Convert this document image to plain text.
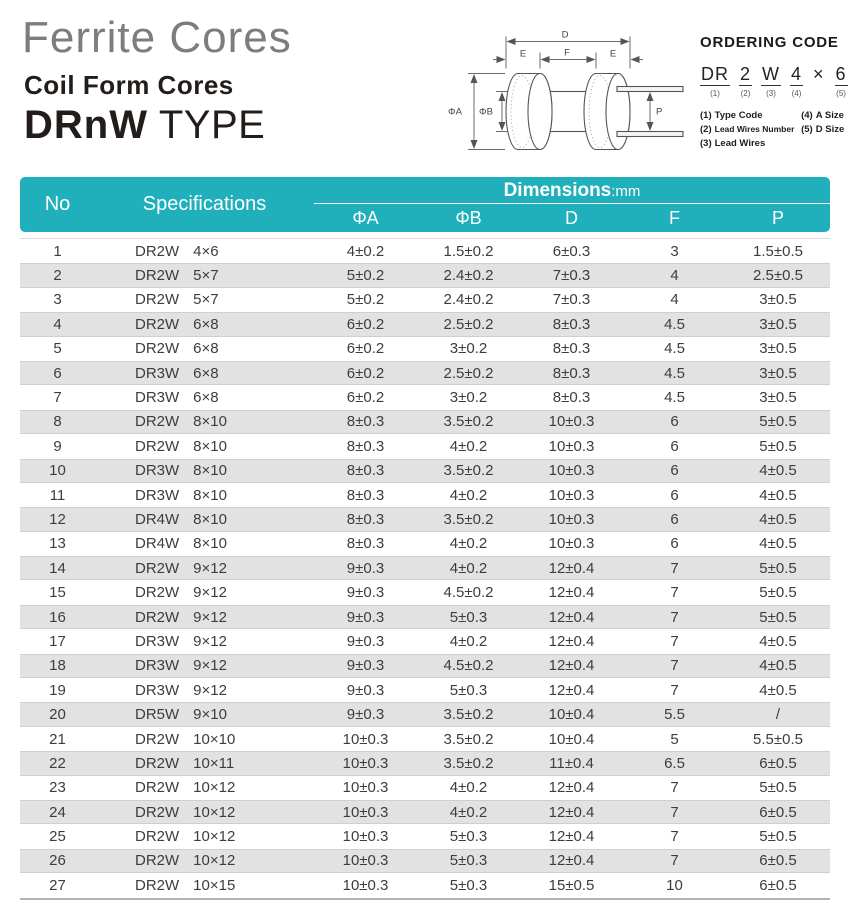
Ferrite Cores
Coil Form Cores
DRnW TYPE
D
F
E	E
ΦA ΦB	P
ORDERING CODE
DR
(1)
2
(2)
W
(3)
4
(4)
× 6
(5)
(1) Type Code	(4) A Size
(2) Lead Wires Number (5) D Size
(3) Lead Wires
No	Specifications
Dimensions :mm
ΦA	ΦB	D	F	P
1	DR2W 4×6	4±0.2	1.5±0.2	6±0.3	3	1.5±0.5
2	DR2W 5×7	5±0.2	2.4±0.2	7±0.3	4	2.5±0.5
3	DR2W 5×7	5±0.2	2.4±0.2	7±0.3	4	3±0.5
4	DR2W 6×8	6±0.2	2.5±0.2	8±0.3	4.5	3±0.5
5	DR2W 6×8	6±0.2	3±0.2	8±0.3	4.5	3±0.5
6	DR3W 6×8	6±0.2	2.5±0.2	8±0.3	4.5	3±0.5
7	DR3W 6×8	6±0.2	3±0.2	8±0.3	4.5	3±0.5
8	DR2W 8×10	8±0.3	3.5±0.2	10±0.3	6	5±0.5
9	DR2W 8×10	8±0.3	4±0.2	10±0.3	6	5±0.5
10	DR3W 8×10	8±0.3	3.5±0.2	10±0.3	6	4±0.5
11	DR3W 8×10	8±0.3	4±0.2	10±0.3	6	4±0.5
12	DR4W 8×10	8±0.3	3.5±0.2	10±0.3	6	4±0.5
13	DR4W 8×10	8±0.3	4±0.2	10±0.3	6	4±0.5
14	DR2W 9×12	9±0.3	4±0.2	12±0.4	7	5±0.5
15	DR2W 9×12	9±0.3	4.5±0.2	12±0.4	7	5±0.5
16	DR2W 9×12	9±0.3	5±0.3	12±0.4	7	5±0.5
17	DR3W 9×12	9±0.3	4±0.2	12±0.4	7	4±0.5
18	DR3W 9×12	9±0.3	4.5±0.2	12±0.4	7	4±0.5
19	DR3W 9×12	9±0.3	5±0.3	12±0.4	7	4±0.5
20	DR5W 9×10	9±0.3	3.5±0.2	10±0.4	5.5	/
21	DR2W 10×10	10±0.3	3.5±0.2	10±0.4	5	5.5±0.5
22	DR2W 10×11	10±0.3	3.5±0.2	11±0.4	6.5	6±0.5
23	DR2W 10×12	10±0.3	4±0.2	12±0.4	7	5±0.5
24	DR2W 10×12	10±0.3	4±0.2	12±0.4	7	6±0.5
25	DR2W 10×12	10±0.3	5±0.3	12±0.4	7	5±0.5
26	DR2W 10×12	10±0.3	5±0.3	12±0.4	7	6±0.5
27	DR2W 10×15	10±0.3	5±0.3	15±0.5	10	6±0.5
